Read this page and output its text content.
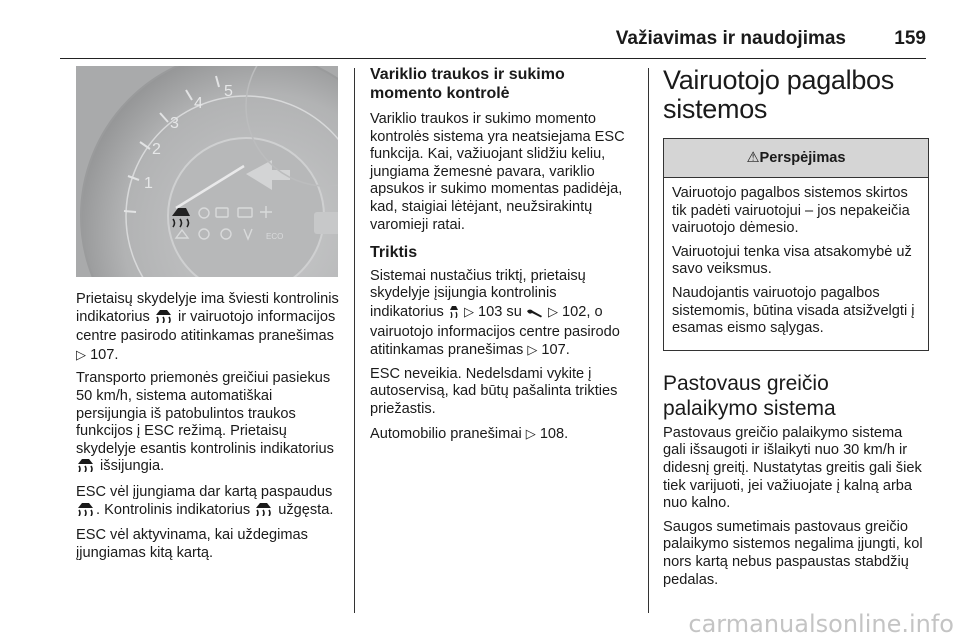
Važiavimas ir naudojimas	159
1
2
3
4
5
ECO

Prietaisų skydelyje ima šviesti kontrolinis indikatorius  ir vairuotojo informacijos centre pasirodo atitinkamas pranešimas ▷ 107.

Transporto priemonės greičiui pasiekus 50 km/h, sistema automatiškai persijungia iš patobulintos traukos funkcijos į ESC režimą. Prietaisų skydelyje esantis kontrolinis indikatorius  išsijungia.

ESC vėl įjungiama dar kartą paspaudus . Kontrolinis indikatorius  užgęsta.

ESC vėl aktyvinama, kai uždegimas įjungiamas kitą kartą.

Variklio traukos ir sukimo momento kontrolė

Variklio traukos ir sukimo momento kontrolės sistema yra neatsiejama ESC funkcija. Kai, važiuojant slidžiu keliu, jungiama žemesnė pavara, variklio apsukos ir sukimo momentas padidėja, kad, staigiai lėtėjant, neužsirakintų varomieji ratai.

Triktis

Sistemai nustačius triktį, prietaisų skydelyje įsijungia kontrolinis indikatorius ▷ 103 su  ▷ 102, o vairuotojo informacijos centre pasirodo atitinkamas pranešimas ▷ 107.

ESC neveikia. Nedelsdami vykite į autoservisą, kad būtų pašalinta trikties priežastis.

Automobilio pranešimai ▷ 108.

Vairuotojo pagalbos sistemos
⚠Perspėjimas

Vairuotojo pagalbos sistemos skirtos tik padėti vairuotojui – jos nepakeičia vairuotojo dėmesio.

Vairuotojui tenka visa atsakomybė už savo veiksmus.

Naudojantis vairuotojo pagalbos sistemomis, būtina visada atsižvelgti į esamas eismo sąlygas.

Pastovaus greičio palaikymo sistema

Pastovaus greičio palaikymo sistema gali išsaugoti ir išlaikyti nuo 30 km/h ir didesnį greitį. Nustatytas greitis gali šiek tiek varijuoti, jei važiuojate į kalną arba nuo kalno.

Saugos sumetimais pastovaus greičio palaikymo sistemos negalima įjungti, kol nors kartą nebus paspaustas stabdžių pedalas.

carmanualsonline.info
